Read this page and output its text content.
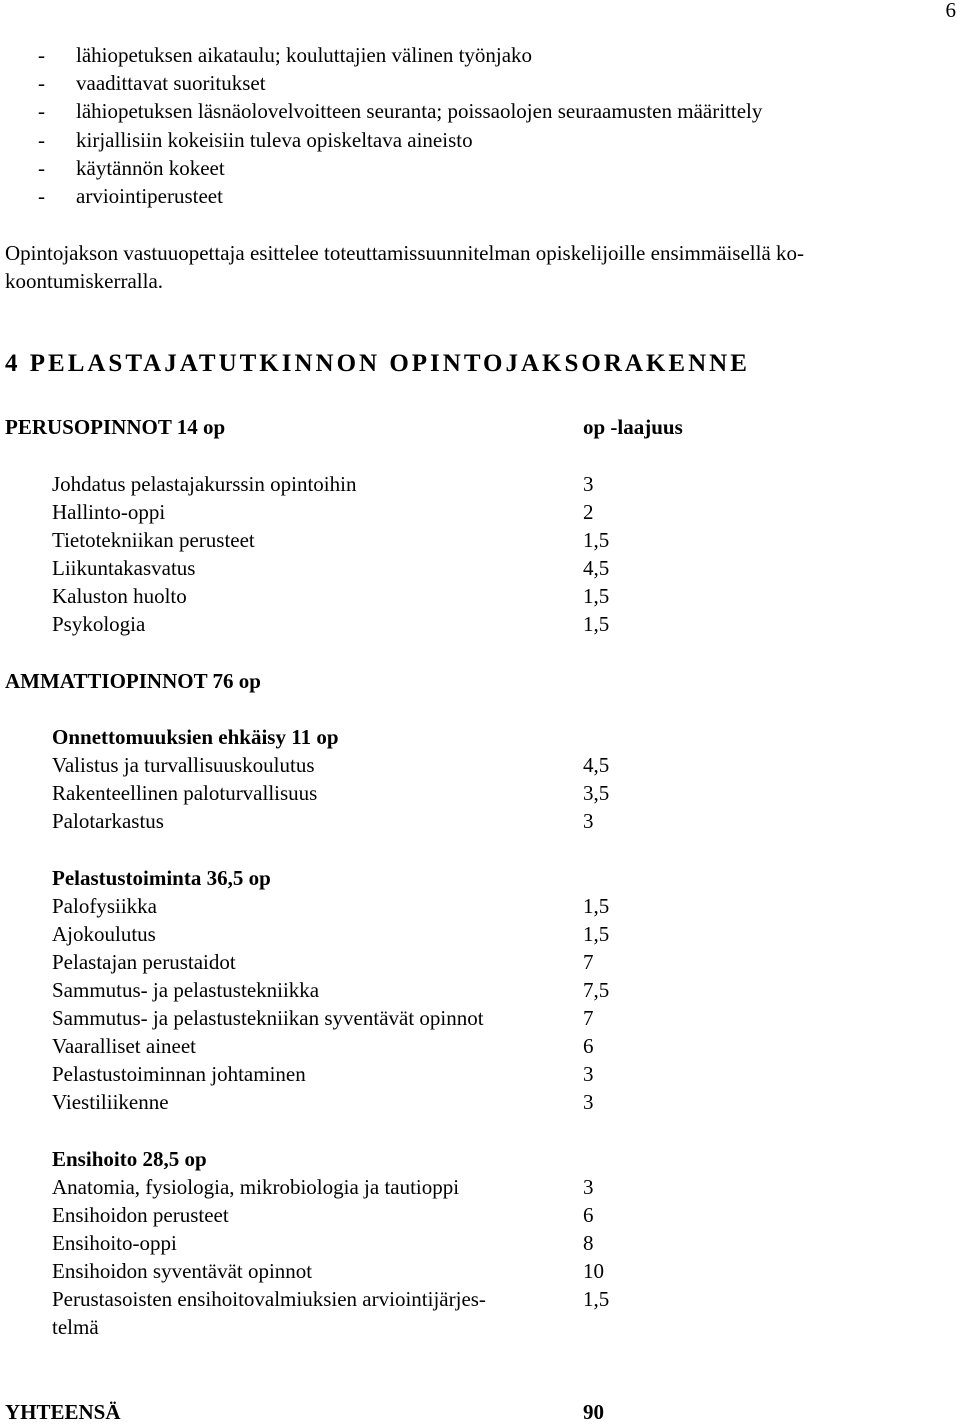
6
-	lähiopetuksen aikataulu; kouluttajien välinen työnjako
-	vaadittavat suoritukset
-	lähiopetuksen läsnäolovelvoitteen seuranta; poissaolojen seuraamusten määrittely
-	kirjallisiin kokeisiin tuleva opiskeltava aineisto
-	käytännön kokeet
-	arviointiperusteet

Opintojakson vastuuopettaja esittelee toteuttamissuunnitelman opiskelijoille ensimmäisellä ko-
koontumiskerralla.

4 PELASTAJATUTKINNON OPINTOJAKSORAKENNE
PERUSOPINNOT 14 op	op -laajuus
Johdatus pelastajakurssin opintoihin	3
Hallinto-oppi	2
Tietotekniikan perusteet	1,5
Liikuntakasvatus	4,5
Kaluston huolto	1,5
Psykologia	1,5
AMMATTIOPINNOT 76 op
Onnettomuuksien ehkäisy 11 op
Valistus ja turvallisuuskoulutus	4,5
Rakenteellinen paloturvallisuus	3,5
Palotarkastus	3
Pelastustoiminta 36,5 op
Palofysiikka	1,5
Ajokoulutus	1,5
Pelastajan perustaidot	7
Sammutus- ja pelastustekniikka	7,5
Sammutus- ja pelastustekniikan syventävät opinnot	7
Vaaralliset aineet	6
Pelastustoiminnan johtaminen	3
Viestiliikenne	3
Ensihoito 28,5 op
Anatomia, fysiologia, mikrobiologia ja tautioppi	3
Ensihoidon perusteet	6
Ensihoito-oppi	8
Ensihoidon syventävät opinnot	10
Perustasoisten ensihoitovalmiuksien arviointijärjes-
telmä
1,5
YHTEENSÄ	90
